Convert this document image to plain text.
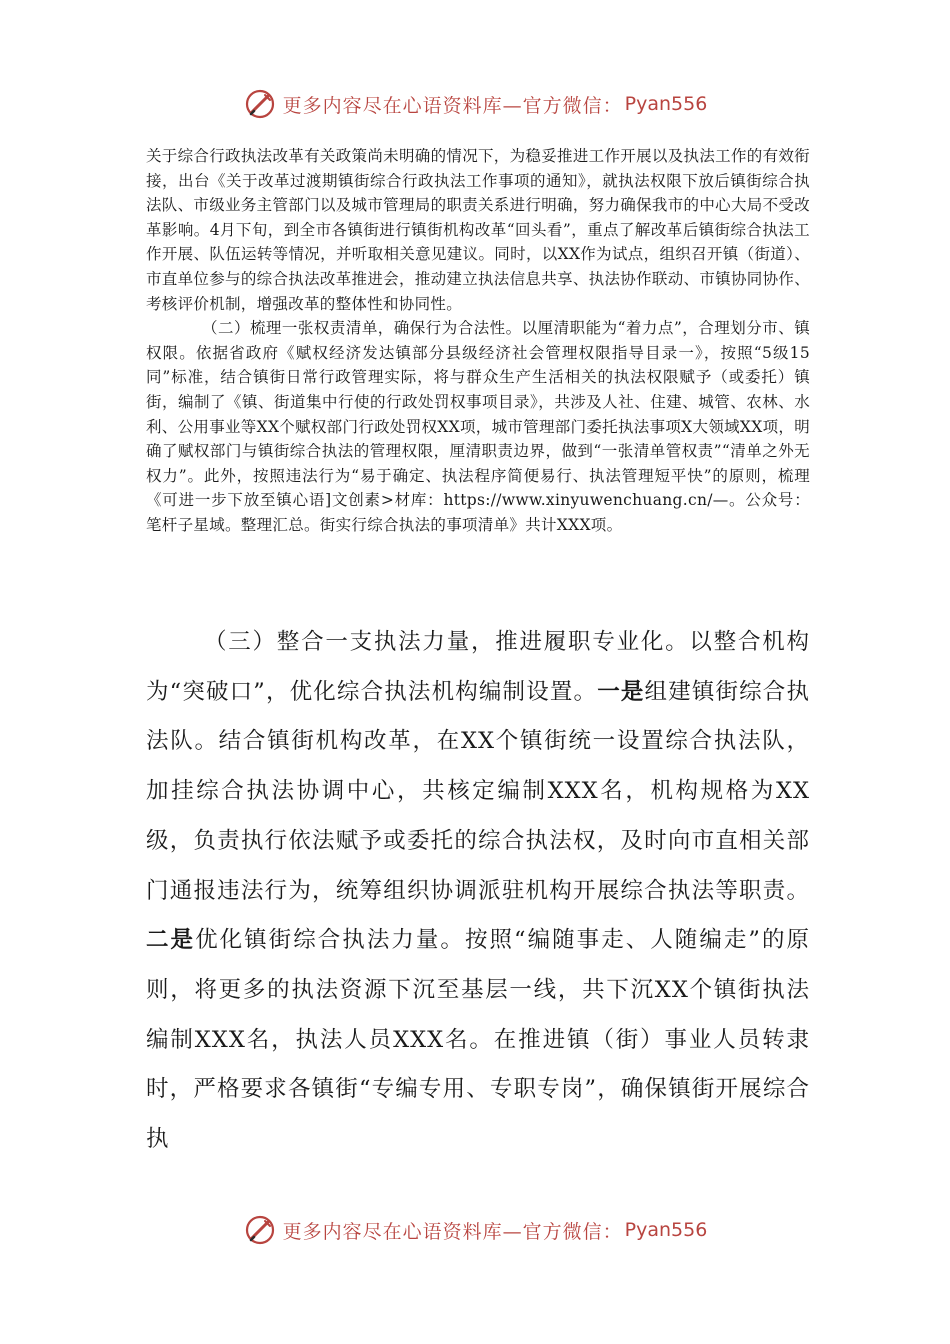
更多内容尽在心语资料库—官方微信： Pyan556

关于综合行政执法改革有关政策尚未明确的情况下，为稳妥推进工作开展以及执法工作的有效衔接，出台《关于改革过渡期镇街综合行政执法工作事项的通知》，就执法权限下放后镇街综合执法队、市级业务主管部门以及城市管理局的职责关系进行明确，努力确保我市的中心大局不受改革影响。4月下旬，到全市各镇街进行镇街机构改革“回头看”，重点了解改革后镇街综合执法工作开展、队伍运转等情况，并听取相关意见建议。同时，以XX作为试点，组织召开镇（街道）、市直单位参与的综合执法改革推进会，推动建立执法信息共享、执法协作联动、市镇协同协作、考核评价机制，增强改革的整体性和协同性。

（二）梳理一张权责清单，确保行为合法性。以厘清职能为“着力点”，合理划分市、镇权限。依据省政府《赋权经济发达镇部分县级经济社会管理权限指导目录一》，按照“5级15同”标准，结合镇街日常行政管理实际，将与群众生产生活相关的执法权限赋予（或委托）镇街，编制了《镇、街道集中行使的行政处罚权事项目录》，共涉及人社、住建、城管、农林、水利、公用事业等XX个赋权部门行政处罚权XX项，城市管理部门委托执法事项X大领域XX项，明确了赋权部门与镇街综合执法的管理权限，厘清职责边界，做到“一张清单管权责”“清单之外无权力”。此外，按照违法行为“易于确定、执法程序简便易行、执法管理短平快”的原则，梳理《可进一步下放至镇心语]文创素>材库：https://www.xinyuwenchuang.cn/—。公众号：笔杆子星域。整理汇总。街实行综合执法的事项清单》共计XXX项。

（三）整合一支执法力量，推进履职专业化。以整合机构为“突破口”，优化综合执法机构编制设置。一是组建镇街综合执法队。结合镇街机构改革，在XX个镇街统一设置综合执法队，加挂综合执法协调中心，共核定编制XXX名，机构规格为XX级，负责执行依法赋予或委托的综合执法权，及时向市直相关部门通报违法行为，统筹组织协调派驻机构开展综合执法等职责。二是优化镇街综合执法力量。按照“编随事走、人随编走”的原则，将更多的执法资源下沉至基层一线，共下沉XX个镇街执法编制XXX名，执法人员XXX名。在推进镇（街）事业人员转隶时，严格要求各镇街“专编专用、专职专岗”，确保镇街开展综合执

更多内容尽在心语资料库—官方微信： Pyan556
